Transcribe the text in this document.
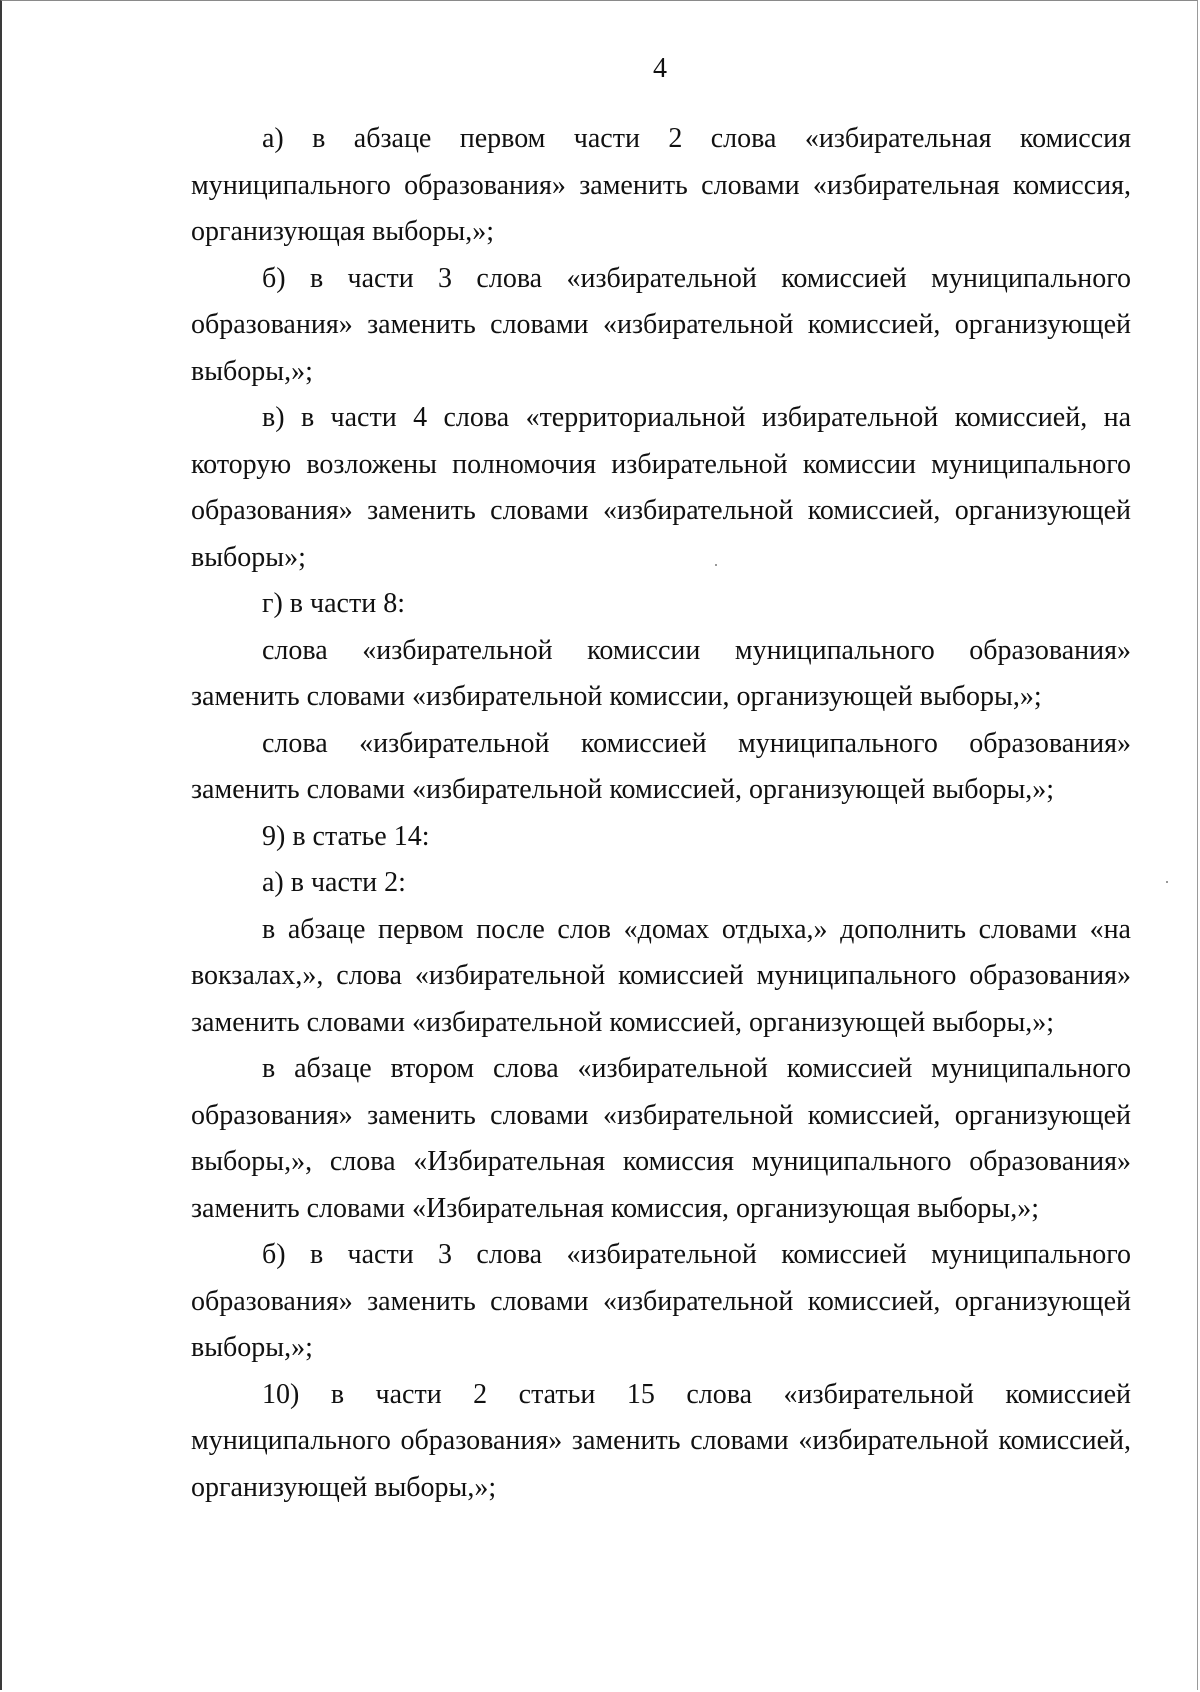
4

а) в абзаце первом части 2 слова «избирательная комиссия муниципального образования» заменить словами «избирательная комиссия, организующая выборы,»;

б) в части 3 слова «избирательной комиссией муниципального образования» заменить словами «избирательной комиссией, организующей выборы,»;

в) в части 4 слова «территориальной избирательной комиссией, на которую возложены полномочия избирательной комиссии муниципального образования» заменить словами «избирательной комиссией, организующей выборы»;

г) в части 8:

слова «избирательной комиссии муниципального образования» заменить словами «избирательной комиссии, организующей выборы,»;

слова «избирательной комиссией муниципального образования» заменить словами «избирательной комиссией, организующей выборы,»;

9) в статье 14:

а) в части 2:

в абзаце первом после слов «домах отдыха,» дополнить словами «на вокзалах,», слова «избирательной комиссией муниципального образования» заменить словами «избирательной комиссией, организующей выборы,»;

в абзаце втором слова «избирательной комиссией муниципального образования» заменить словами «избирательной комиссией, организующей выборы,», слова «Избирательная комиссия муниципального образования» заменить словами «Избирательная комиссия, организующая выборы,»;

б) в части 3 слова «избирательной комиссией муниципального образования» заменить словами «избирательной комиссией, организующей выборы,»;

10) в части 2 статьи 15 слова «избирательной комиссией муниципального образования» заменить словами «избирательной комиссией, организующей выборы,»;
